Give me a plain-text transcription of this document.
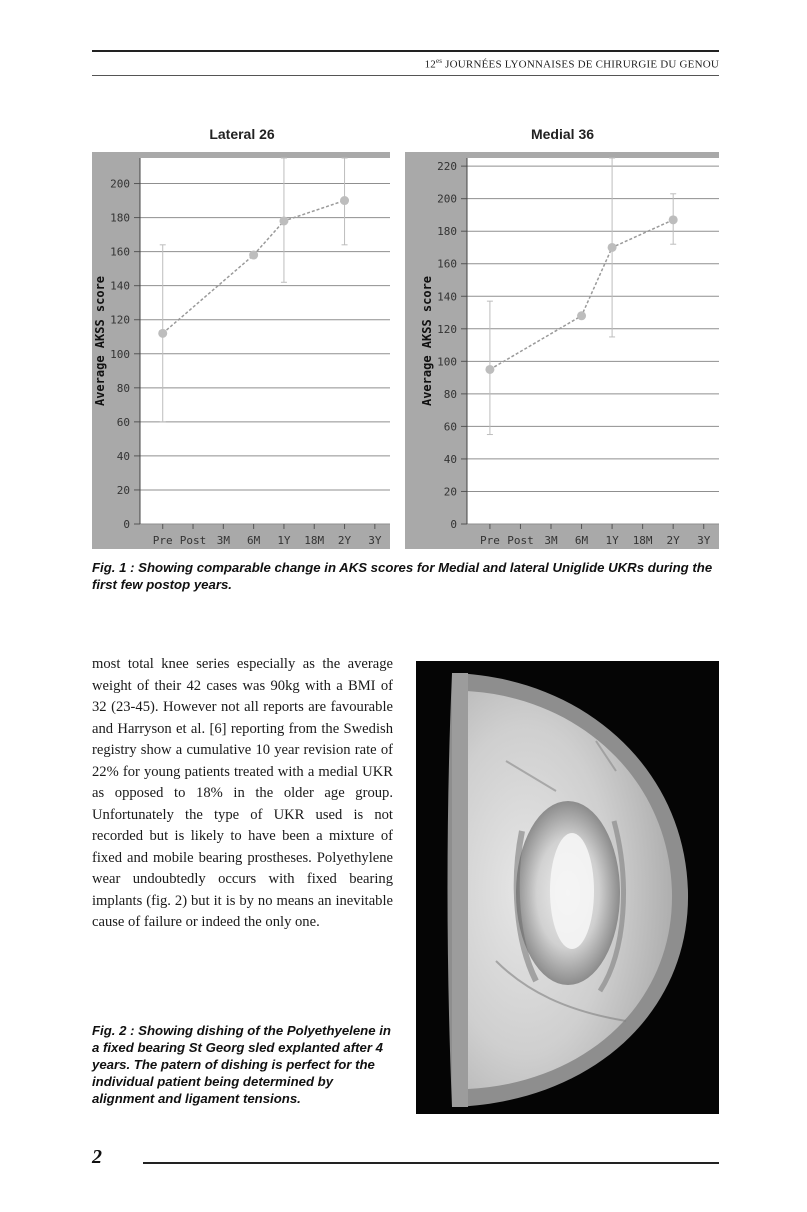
$12^{es}$ JOURNÉES LYONNAISES DE CHIRURGIE DU GENOU
Lateral 26	Medial 36
0
20
40
60
80
100
120
140
160
180
200
Pre Post 3M 6M 1Y 18M 2Y 3Y
Average AKSS score
0
20
40
60
80
100
120
140
160
180
200
220
Pre Post 3M 6M 1Y 18M 2Y 3Y
Average AKSS score
Fig. 1 : Showing comparable change in AKS scores for Medial and lateral Uniglide UKRs during the first few postop years.
most total knee series especially as the average weight of their 42 cases was 90kg with a BMI of 32 (23-45). However not all reports are favourable and Harryson et al. [6] reporting from the Swedish registry show a cumulative 10 year revision rate of 22% for young patients treated with a medial UKR as opposed to 18% in the older age group. Unfortunately the type of UKR used is not recorded but is likely to have been a mixture of fixed and mobile bearing prostheses. Polyethylene wear undoubtedly occurs with fixed bearing implants (fig. 2) but it is by no means an inevitable cause of failure or indeed the only one.
Fig. 2 : Showing dishing of the Polyethyelene in a fixed bearing St Georg sled explanted after 4 years. The patern of dishing is perfect for the individual patient being determined by alignment and ligament tensions.
2
